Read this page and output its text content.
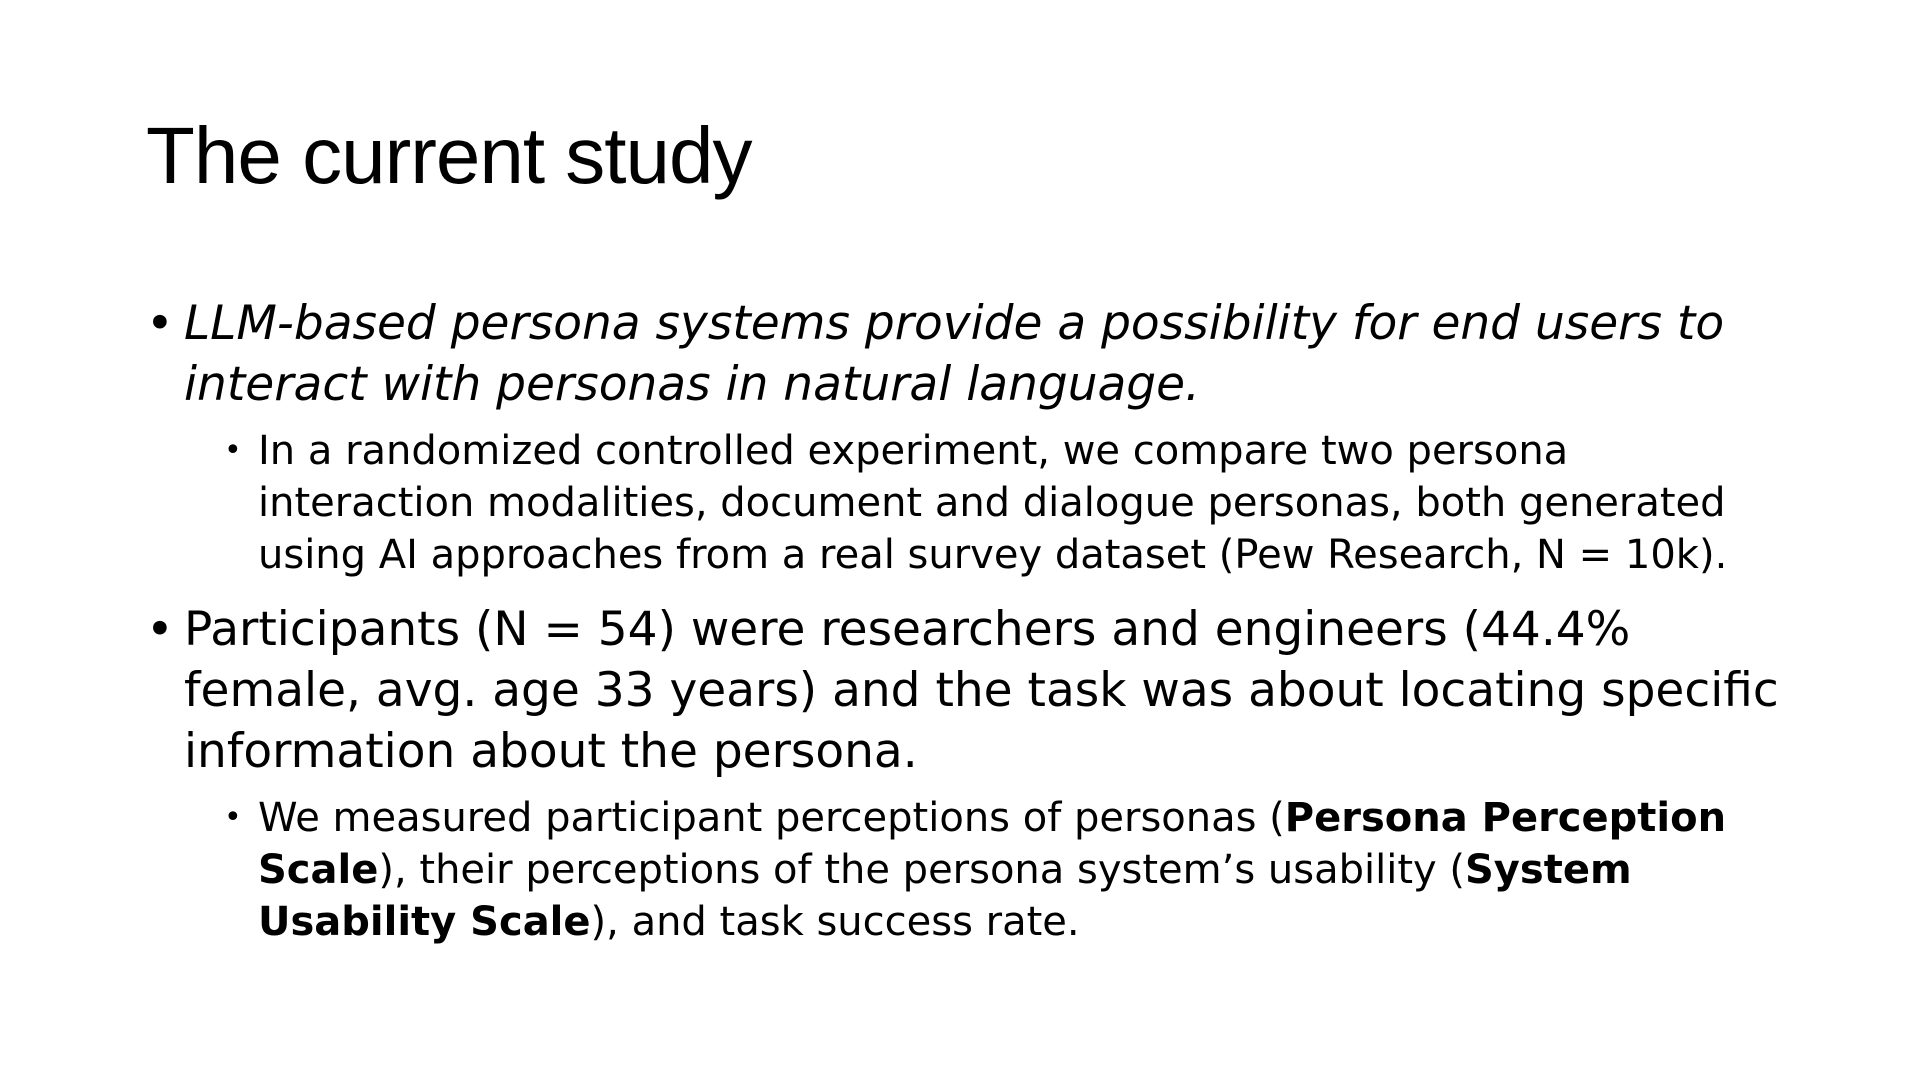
The current study
• LLM-based persona systems provide a possibility for end users to interact with personas in natural language.
• In a randomized controlled experiment, we compare two persona interaction modalities, document and dialogue personas, both generated using AI approaches from a real survey dataset (Pew Research, N = 10k).
• Participants (N = 54) were researchers and engineers (44.4% female, avg. age 33 years) and the task was about locating specific information about the persona.
• We measured participant perceptions of personas (Persona Perception Scale), their perceptions of the persona system’s usability (System Usability Scale), and task success rate.
